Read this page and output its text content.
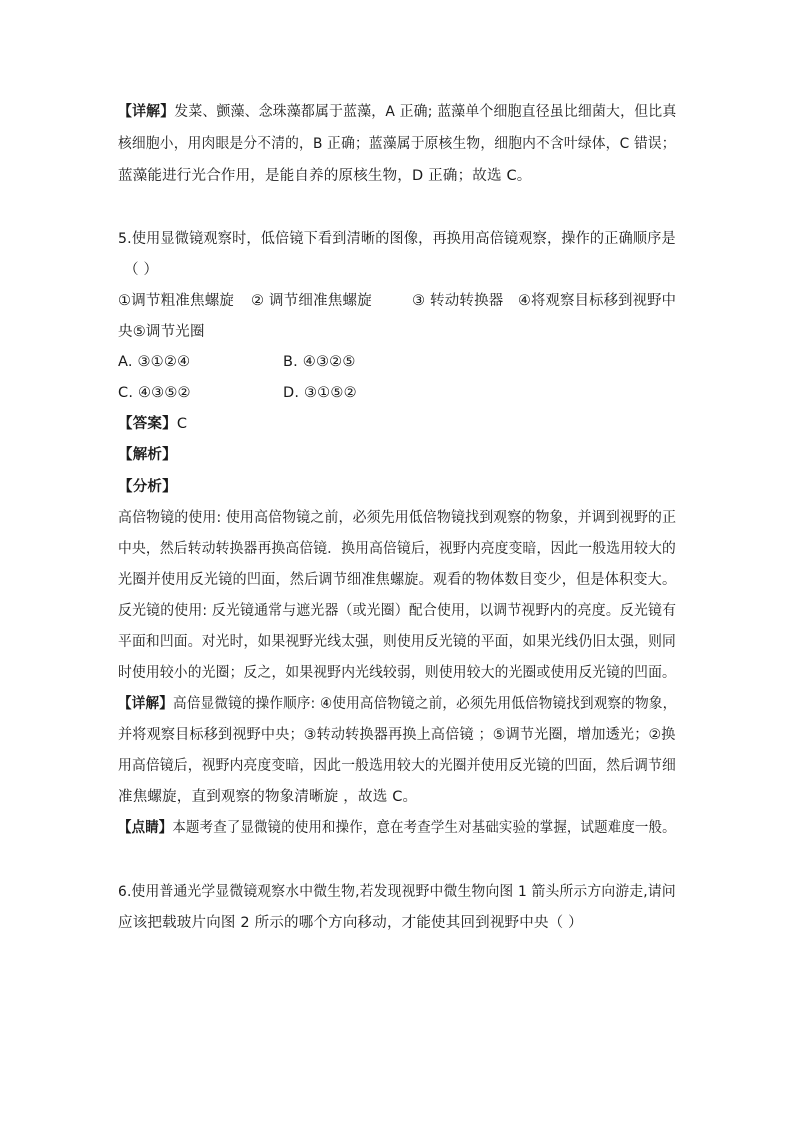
【详解】发菜、颤藻、念珠藻都属于蓝藻，A 正确; 蓝藻单个细胞直径虽比细菌大，但比真
核细胞小，用肉眼是分不清的，B 正确；蓝藻属于原核生物，细胞内不含叶绿体，C 错误；
蓝藻能进行光合作用，是能自养的原核生物，D 正确；故选 C。
5.使用显微镜观察时，低倍镜下看到清晰的图像，再换用高倍镜观察，操作的正确顺序是
（ ）
①调节粗准焦螺旋 ② 调节细准焦螺旋	③ 转动转换器 ④将观察目标移到视野中
央⑤调节光圈
A. ③①②④	B. ④③②⑤
C. ④③⑤②	D. ③①⑤②
【答案】C
【解析】
【分析】
高倍物镜的使用: 使用高倍物镜之前，必须先用低倍物镜找到观察的物象，并调到视野的正
中央，然后转动转换器再换高倍镜．换用高倍镜后，视野内亮度变暗，因此一般选用较大的
光圈并使用反光镜的凹面，然后调节细准焦螺旋。观看的物体数目变少，但是体积变大。
反光镜的使用: 反光镜通常与遮光器（或光圈）配合使用，以调节视野内的亮度。反光镜有
平面和凹面。对光时，如果视野光线太强，则使用反光镜的平面，如果光线仍旧太强，则同
时使用较小的光圈；反之，如果视野内光线较弱，则使用较大的光圈或使用反光镜的凹面。
【详解】高倍显微镜的操作顺序: ④使用高倍物镜之前，必须先用低倍物镜找到观察的物象，
并将观察目标移到视野中央；③转动转换器再换上高倍镜 ；⑤调节光圈，增加透光；②换
用高倍镜后，视野内亮度变暗，因此一般选用较大的光圈并使用反光镜的凹面，然后调节细
准焦螺旋，直到观察的物象清晰旋 ，故选 C。
【点睛】本题考查了显微镜的使用和操作，意在考查学生对基础实验的掌握，试题难度一般。
6.使用普通光学显微镜观察水中微生物,若发现视野中微生物向图 1 箭头所示方向游走,请问
应该把载玻片向图 2 所示的哪个方向移动，才能使其回到视野中央（ ）
